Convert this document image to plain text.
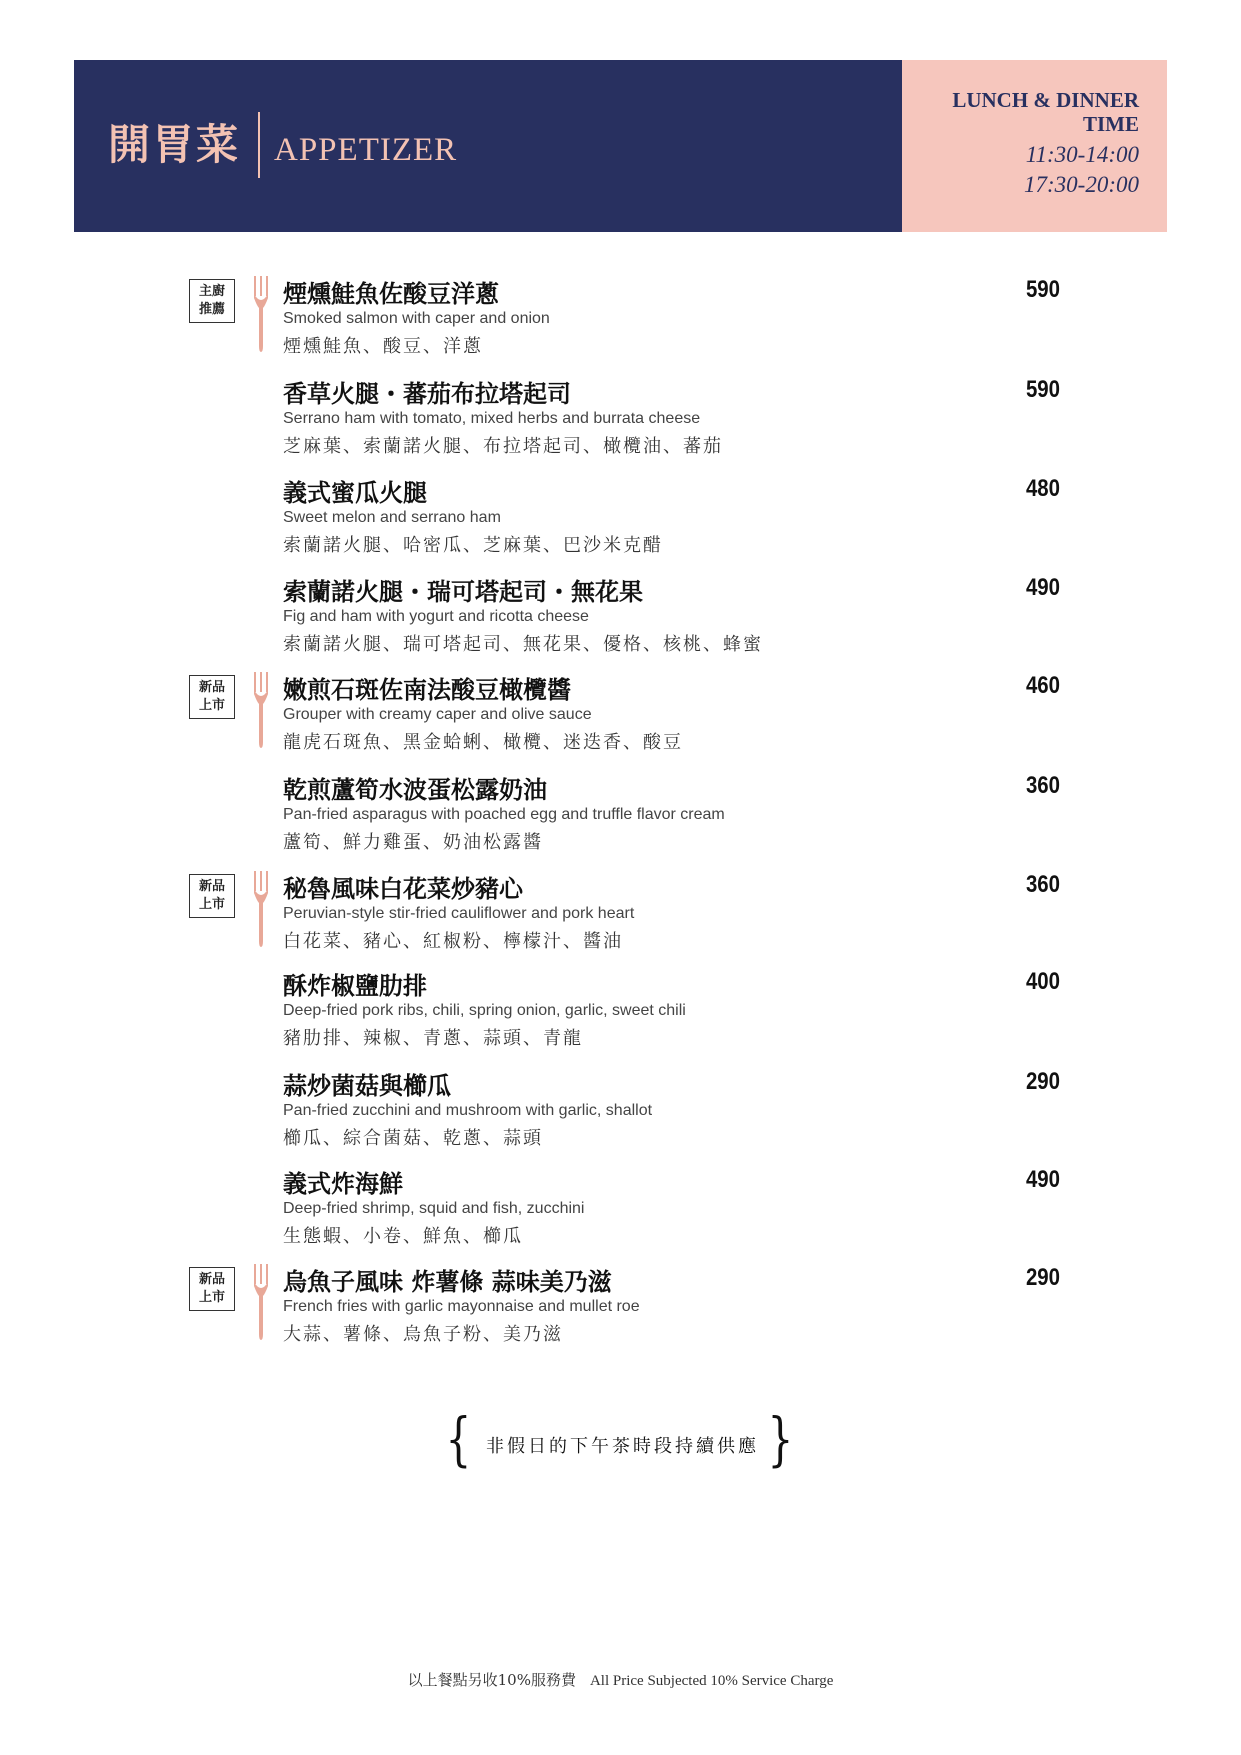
開胃菜 APPETIZER
LUNCH & DINNER TIME
11:30-14:00
17:30-20:00
主廚
推薦
煙燻鮭魚佐酸豆洋蔥
Smoked salmon with caper and onion
煙燻鮭魚、酸豆、洋蔥
590
香草火腿・蕃茄布拉塔起司
Serrano ham with tomato, mixed herbs and burrata cheese
芝麻葉、索蘭諾火腿、布拉塔起司、橄欖油、蕃茄
590
義式蜜瓜火腿
Sweet melon and serrano ham
索蘭諾火腿、哈密瓜、芝麻葉、巴沙米克醋
480
索蘭諾火腿・瑞可塔起司・無花果
Fig and ham with yogurt and ricotta cheese
索蘭諾火腿、瑞可塔起司、無花果、優格、核桃、蜂蜜
490
新品
上市
嫩煎石斑佐南法酸豆橄欖醬
Grouper with creamy caper and olive sauce
龍虎石斑魚、黑金蛤蜊、橄欖、迷迭香、酸豆
460
乾煎蘆筍水波蛋松露奶油
Pan-fried asparagus with poached egg and truffle flavor cream
蘆筍、鮮力雞蛋、奶油松露醬
360
新品
上市
秘魯風味白花菜炒豬心
Peruvian-style stir-fried cauliflower and pork heart
白花菜、豬心、紅椒粉、檸檬汁、醬油
360
酥炸椒鹽肋排
Deep-fried pork ribs, chili, spring onion, garlic, sweet chili
豬肋排、辣椒、青蔥、蒜頭、青龍
400
蒜炒菌菇與櫛瓜
Pan-fried zucchini and mushroom with garlic, shallot
櫛瓜、綜合菌菇、乾蔥、蒜頭
290
義式炸海鮮
Deep-fried shrimp, squid and fish, zucchini
生態蝦、小卷、鮮魚、櫛瓜
490
新品
上市
烏魚子風味 炸薯條 蒜味美乃滋
French fries with garlic mayonnaise and mullet roe
大蒜、薯條、烏魚子粉、美乃滋
290
{ 非假日的下午茶時段持續供應 }
以上餐點另收10%服務費 All Price Subjected 10% Service Charge
